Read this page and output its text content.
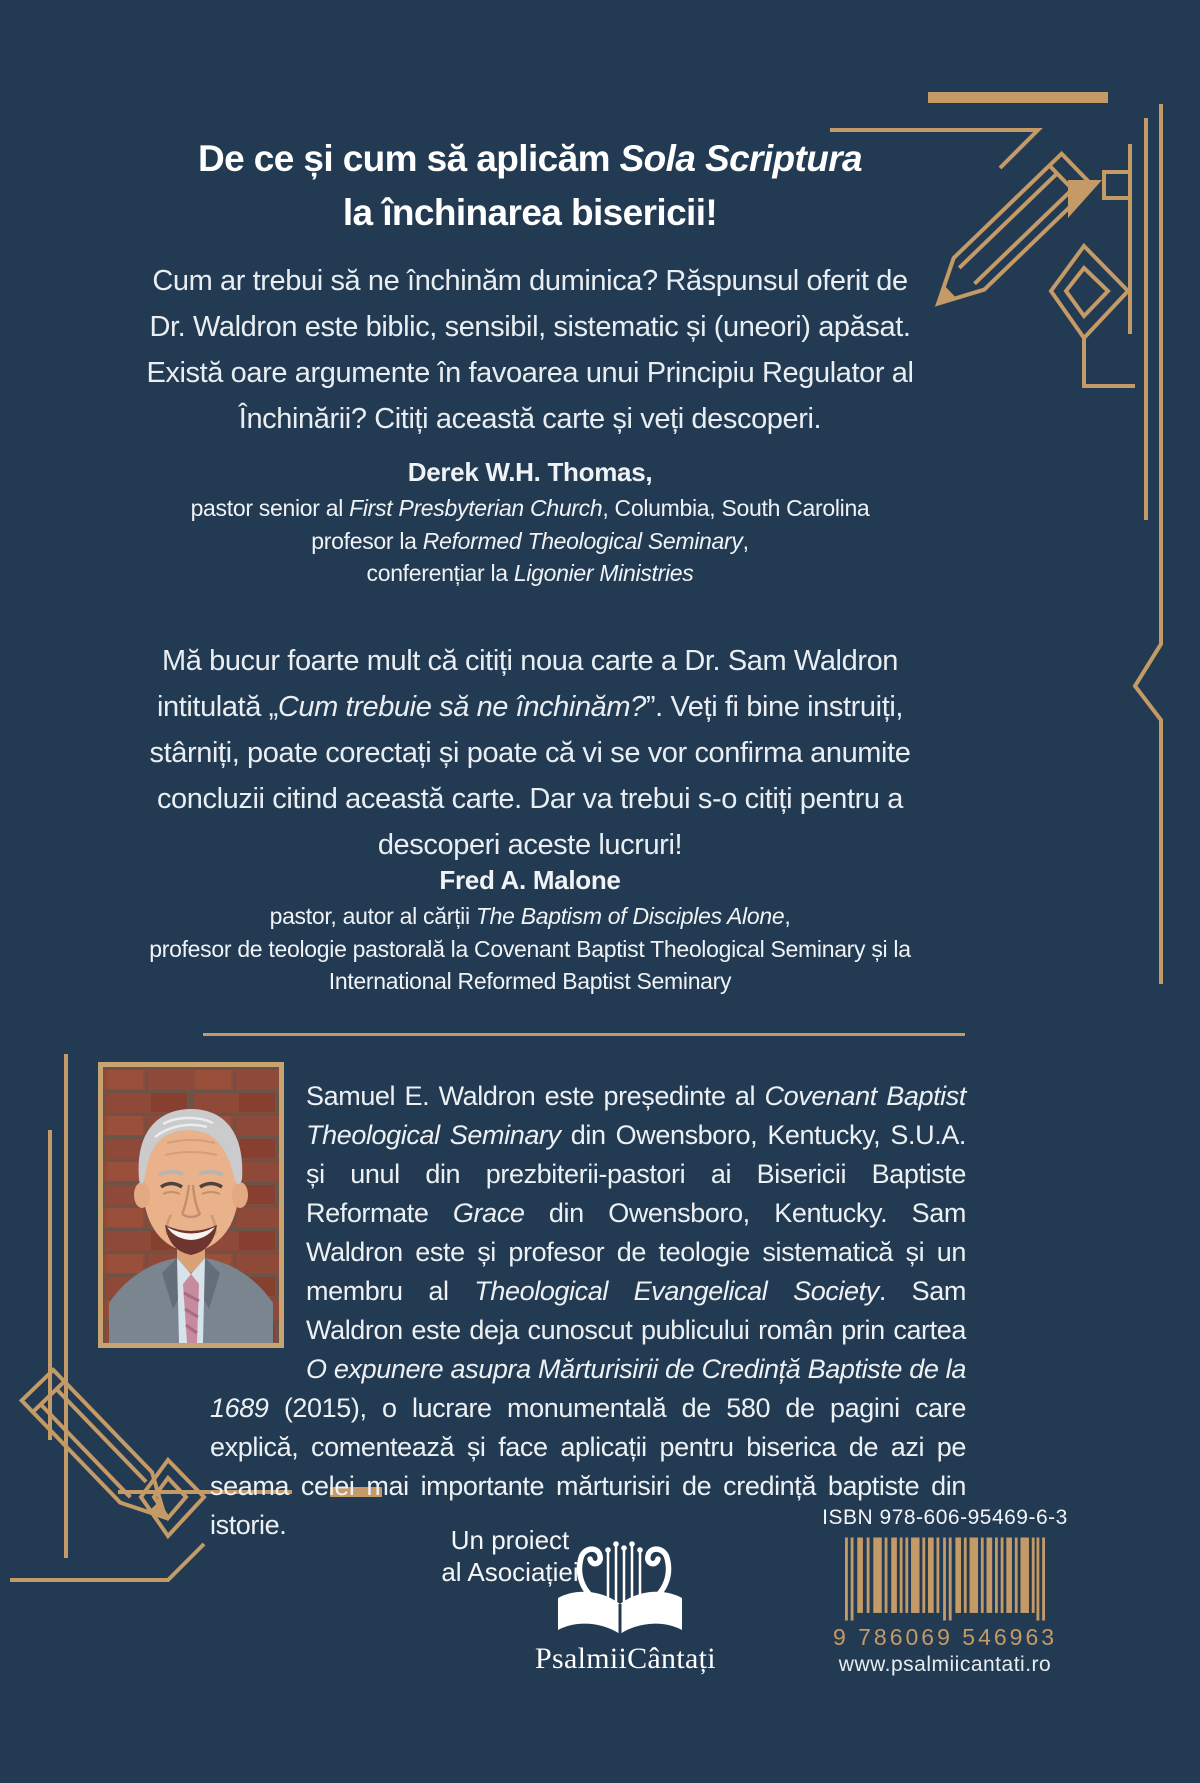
De ce și cum să aplicăm Sola Scriptura
la închinarea bisericii!
Cum ar trebui să ne închinăm duminica? Răspunsul oferit de
Dr. Waldron este biblic, sensibil, sistematic și (uneori) apăsat.
Există oare argumente în favoarea unui Principiu Regulator al
Închinării? Citiți această carte și veți descoperi.
Derek W.H. Thomas,
pastor senior al First Presbyterian Church, Columbia, South Carolina
profesor la Reformed Theological Seminary,
conferențiar la Ligonier Ministries
Mă bucur foarte mult că citiți noua carte a Dr. Sam Waldron
intitulată „Cum trebuie să ne închinăm?”. Veți fi bine instruiți,
stârniți, poate corectați și poate că vi se vor confirma anumite
concluzii citind această carte. Dar va trebui s-o citiți pentru a
descoperi aceste lucruri!
Fred A. Malone
pastor, autor al cărții The Baptism of Disciples Alone,
profesor de teologie pastorală la Covenant Baptist Theological Seminary și la
International Reformed Baptist Seminary
Samuel E. Waldron este președinte al Covenant Baptist Theological Seminary din Owensboro, Kentucky, S.U.A. și unul din prezbiterii-pastori ai Bisericii Baptiste Reformate Grace din Owensboro, Kentucky. Sam Waldron este și profesor de teologie sistematică și un membru al Theological Evangelical Society. Sam Waldron este deja cunoscut publicului român prin cartea O expunere asupra Mărturisirii de Credință Baptiste de la 1689 (2015), o lucrare monumentală de 580 de pagini care explică, comentează și face aplicații pentru biserica de azi pe seama celei mai importante mărturisiri de credință baptiste din istorie.	Un proiect
al Asociației
PsalmiiCântați
ISBN 978-606-95469-6-3
9 786069 546963
www.psalmiicantati.ro
